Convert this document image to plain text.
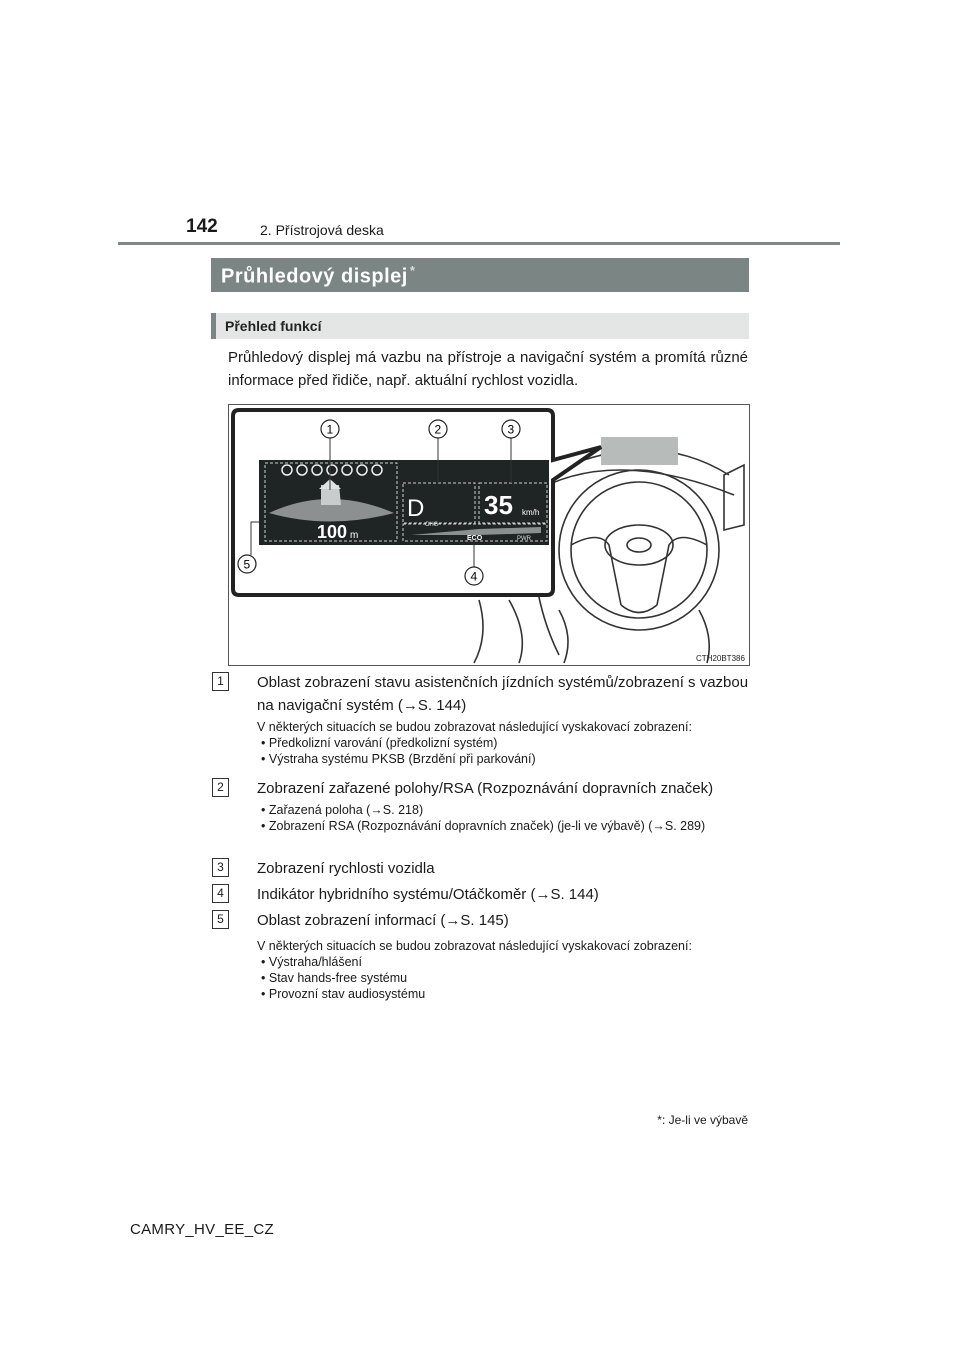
142	2. Přístrojová deska
Průhledový displej *
Přehled funkcí
Průhledový displej má vazbu na přístroje a navigační systém a promítá různé informace před řidiče, např. aktuální rychlost vozidla.
100 m
D 35 km/h
CHG
ECO	PWR
1	2	3
4
5
CTH20BT386
1	Oblast zobrazení stavu asistenčních jízdních systémů/zobrazení s vazbou na navigační systém (→S. 144)
V některých situacích se budou zobrazovat následující vyskakovací zobrazení:
• Předkolizní varování (předkolizní systém)
• Výstraha systému PKSB (Brzdění při parkování)
2	Zobrazení zařazené polohy/RSA (Rozpoznávání dopravních značek)
• Zařazená poloha (→S. 218)
• Zobrazení RSA (Rozpoznávání dopravních značek) (je-li ve výbavě) (→S. 289)
3	Zobrazení rychlosti vozidla
4	Indikátor hybridního systému/Otáčkoměr (→S. 144)
5	Oblast zobrazení informací (→S. 145)
V některých situacích se budou zobrazovat následující vyskakovací zobrazení:
• Výstraha/hlášení
• Stav hands-free systému
• Provozní stav audiosystému
*: Je-li ve výbavě
CAMRY_HV_EE_CZ
